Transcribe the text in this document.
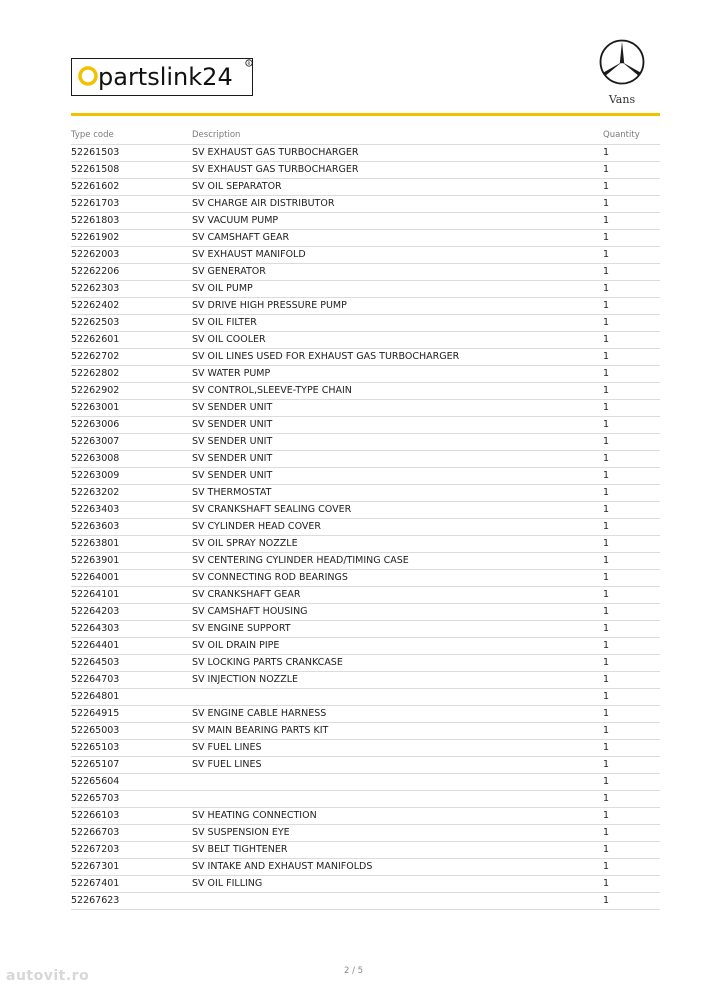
partslink24	R
Vans
Type code	Description	Quantity
52261503	SV EXHAUST GAS TURBOCHARGER	1
52261508	SV EXHAUST GAS TURBOCHARGER	1
52261602	SV OIL SEPARATOR	1
52261703	SV CHARGE AIR DISTRIBUTOR	1
52261803	SV VACUUM PUMP	1
52261902	SV CAMSHAFT GEAR	1
52262003	SV EXHAUST MANIFOLD	1
52262206	SV GENERATOR	1
52262303	SV OIL PUMP	1
52262402	SV DRIVE HIGH PRESSURE PUMP	1
52262503	SV OIL FILTER	1
52262601	SV OIL COOLER	1
52262702	SV OIL LINES USED FOR EXHAUST GAS TURBOCHARGER	1
52262802	SV WATER PUMP	1
52262902	SV CONTROL,SLEEVE-TYPE CHAIN	1
52263001	SV SENDER UNIT	1
52263006	SV SENDER UNIT	1
52263007	SV SENDER UNIT	1
52263008	SV SENDER UNIT	1
52263009	SV SENDER UNIT	1
52263202	SV THERMOSTAT	1
52263403	SV CRANKSHAFT SEALING COVER	1
52263603	SV CYLINDER HEAD COVER	1
52263801	SV OIL SPRAY NOZZLE	1
52263901	SV CENTERING CYLINDER HEAD/TIMING CASE	1
52264001	SV CONNECTING ROD BEARINGS	1
52264101	SV CRANKSHAFT GEAR	1
52264203	SV CAMSHAFT HOUSING	1
52264303	SV ENGINE SUPPORT	1
52264401	SV OIL DRAIN PIPE	1
52264503	SV LOCKING PARTS CRANKCASE	1
52264703	SV INJECTION NOZZLE	1
52264801		1
52264915	SV ENGINE CABLE HARNESS	1
52265003	SV MAIN BEARING PARTS KIT	1
52265103	SV FUEL LINES	1
52265107	SV FUEL LINES	1
52265604		1
52265703		1
52266103	SV HEATING CONNECTION	1
52266703	SV SUSPENSION EYE	1
52267203	SV BELT TIGHTENER	1
52267301	SV INTAKE AND EXHAUST MANIFOLDS	1
52267401	SV OIL FILLING	1
52267623		1
2 / 5
autovit.ro
